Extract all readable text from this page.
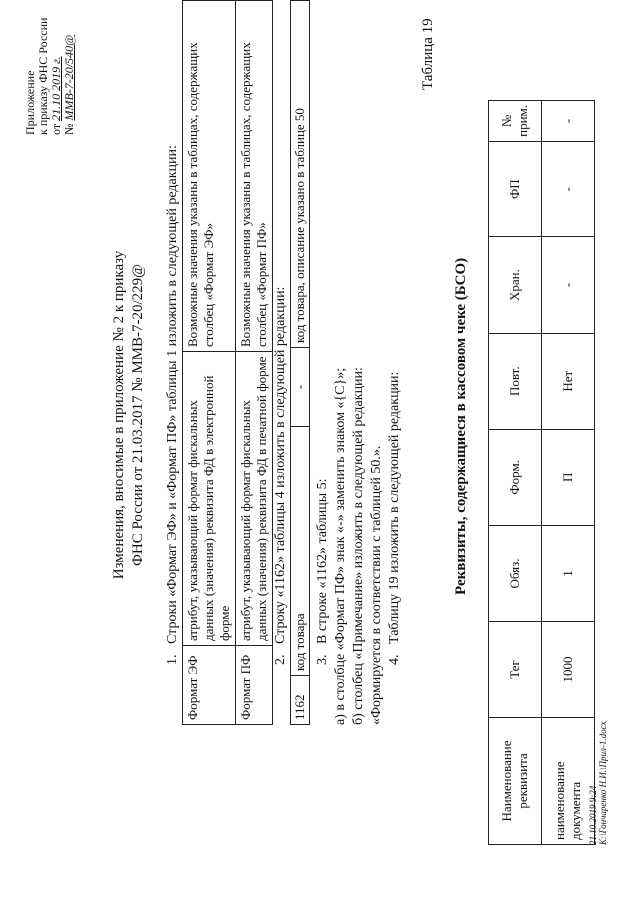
Приложение к приказу ФНС России от 21.10 2019 г.
№ ММВ-7-20/540@
Изменения, вносимые в приложение № 2 к приказу ФНС России от 21.03.2017 № ММВ-7-20/229@
1.   Строки «Формат ЭФ» и «Формат ПФ» таблицы 1 изложить в следующей редакции:
Формат ЭФ	атрибут, указывающий формат фискальных данных (значения) реквизита ФД в электронной форме	Возможные значения указаны в таблицах, содержащих столбец «Формат ЭФ»
Формат ПФ	атрибут, указывающий формат фискальных данных (значения) реквизита ФД в печатной форме	Возможные значения указаны в таблицах, содержащих столбец «Формат ПФ»
2.   Строку «1162» таблицы 4 изложить в следующей редакции:
1162	код товара	-	код товара, описание указано в таблице 50
3.   В строке «1162» таблицы 5: а) в столбце «Формат ПФ» знак «-» заменить знаком «{C}»; б) столбец «Примечание» изложить в следующей редакции: «Формируется в соответствии с таблицей 50.». 4.   Таблицу 19 изложить в следующей редакции:
Таблица 19
Реквизиты, содержащиеся в кассовом чеке (БСО)
Наименование реквизита	Тег	Обяз.	Форм.	Повт.	Хран.	ФП	№ прим.
наименование документа	1000	1	П	Нет	-	-	-
21.10.2019 9:24 К:\Гончаренко Н.И.\Прил-1.docx
